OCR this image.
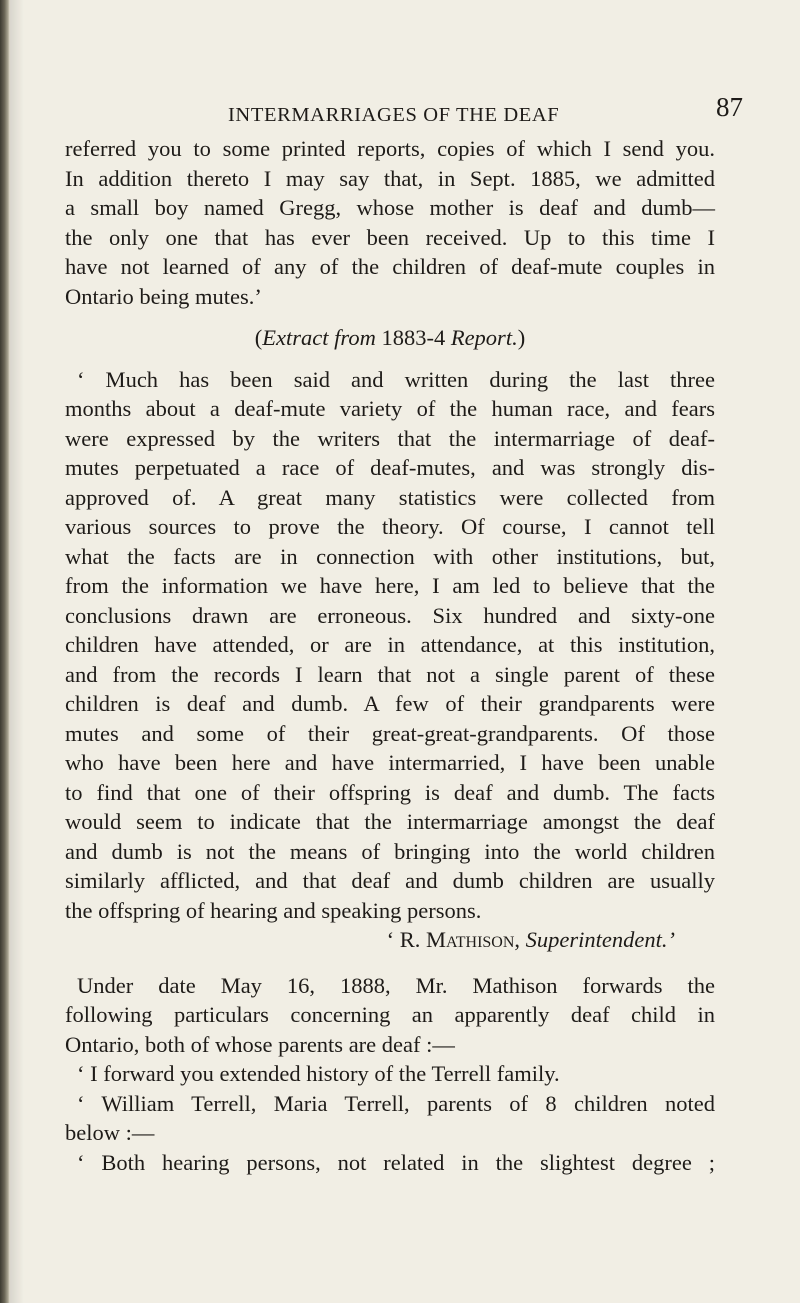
INTERMARRIAGES OF THE DEAF	87
referred you to some printed reports, copies of which I send you.
In addition thereto I may say that, in Sept. 1885, we admitted
a small boy named Gregg, whose mother is deaf and dumb—
the only one that has ever been received. Up to this time I
have not learned of any of the children of deaf-mute couples in
Ontario being mutes.’
(Extract from 1883-4 Report.)
‘ Much has been said and written during the last three
months about a deaf-mute variety of the human race, and fears
were expressed by the writers that the intermarriage of deaf-
mutes perpetuated a race of deaf-mutes, and was strongly dis-
approved of. A great many statistics were collected from
various sources to prove the theory. Of course, I cannot tell
what the facts are in connection with other institutions, but,
from the information we have here, I am led to believe that the
conclusions drawn are erroneous. Six hundred and sixty-one
children have attended, or are in attendance, at this institution,
and from the records I learn that not a single parent of these
children is deaf and dumb. A few of their grandparents were
mutes and some of their great-great-grandparents. Of those
who have been here and have intermarried, I have been unable
to find that one of their offspring is deaf and dumb. The facts
would seem to indicate that the intermarriage amongst the deaf
and dumb is not the means of bringing into the world children
similarly afflicted, and that deaf and dumb children are usually
the offspring of hearing and speaking persons.
‘ R. Mathison, Superintendent.’
Under date May 16, 1888, Mr. Mathison forwards the
following particulars concerning an apparently deaf child in
Ontario, both of whose parents are deaf :—
‘ I forward you extended history of the Terrell family.
‘ William Terrell, Maria Terrell, parents of 8 children noted
below :—
‘ Both hearing persons, not related in the slightest degree ;
